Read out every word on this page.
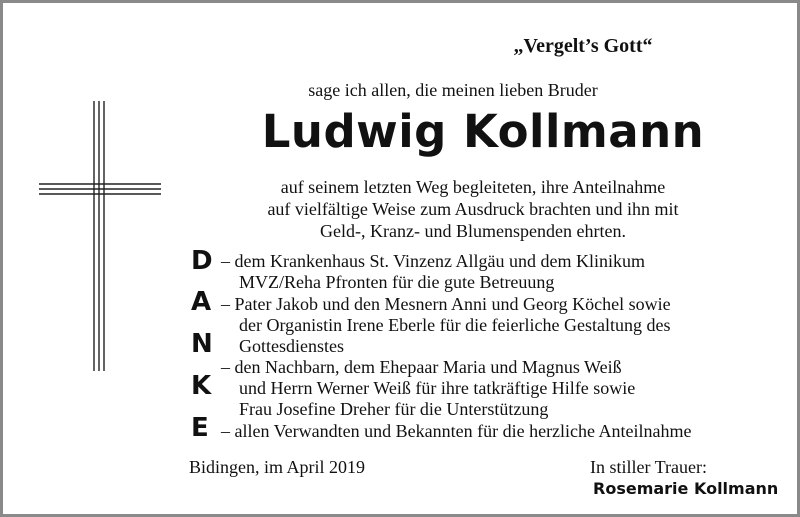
„Vergelt’s Gott“
sage ich allen, die meinen lieben Bruder
Ludwig Kollmann
auf seinem letzten Weg begleiteten, ihre Anteilnahme
auf vielfältige Weise zum Ausdruck brachten und ihn mit
Geld-, Kranz- und Blumenspenden ehrten.
D
A
N
K
E
– dem Krankenhaus St. Vinzenz Allgäu und dem Klinikum
MVZ/Reha Pfronten für die gute Betreuung
– Pater Jakob und den Mesnern Anni und Georg Köchel sowie
der Organistin Irene Eberle für die feierliche Gestaltung des
Gottesdienstes
– den Nachbarn, dem Ehepaar Maria und Magnus Weiß
und Herrn Werner Weiß für ihre tatkräftige Hilfe sowie
Frau Josefine Dreher für die Unterstützung
– allen Verwandten und Bekannten für die herzliche Anteilnahme
Bidingen, im April 2019	In stiller Trauer:
Rosemarie Kollmann
